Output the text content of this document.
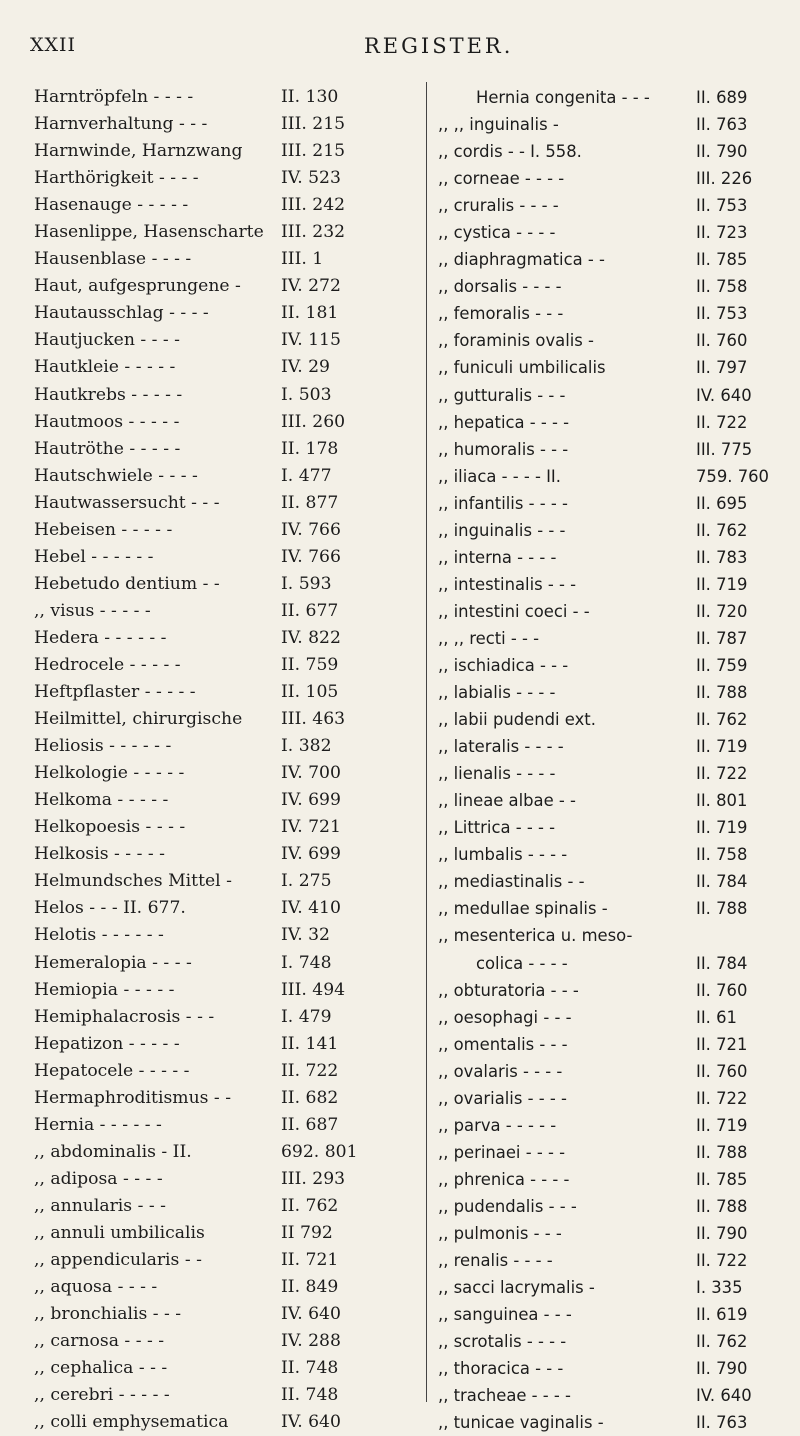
XXII	REGISTER.
Harntröpfeln - - - -	II. 130
Harnverhaltung - - -	III. 215
Harnwinde, Harnzwang III. 215
Harthörigkeit - - - -	IV. 523
Hasenauge - - - - -	III. 242
Hasenlippe, Hasenscharte III. 232
Hausenblase - - - -	III. 1
Haut, aufgesprungene - IV. 272
Hautausschlag - - - -	II. 181
Hautjucken - - - -	IV. 115
Hautkleie - - - - -	IV. 29
Hautkrebs - - - - -	I. 503
Hautmoos - - - - -	III. 260
Hautröthe - - - - -	II. 178
Hautschwiele - - - -	I. 477
Hautwassersucht - - -	II. 877
Hebeisen - - - - -	IV. 766
Hebel - - - - - -	IV. 766
Hebetudo dentium - -	I. 593
,, visus - - - - -	II. 677
Hedera - - - - - -	IV. 822
Hedrocele - - - - -	II. 759
Heftpflaster - - - - -	II. 105
Heilmittel, chirurgische III. 463
Heliosis - - - - - -	I. 382
Helkologie - - - - -	IV. 700
Helkoma - - - - -	IV. 699
Helkopoesis - - - -	IV. 721
Helkosis - - - - -	IV. 699
Helmundsches Mittel -	I. 275
Helos - - - II. 677.	IV. 410
Helotis - - - - - -	IV. 32
Hemeralopia - - - -	I. 748
Hemiopia - - - - -	III. 494
Hemiphalacrosis - - -	I. 479
Hepatizon - - - - -	II. 141
Hepatocele - - - - -	II. 722
Hermaphroditismus - -	II. 682
Hernia - - - - - -	II. 687
,, abdominalis - II.	692. 801
,, adiposa - - - -	III. 293
,, annularis - - -	II. 762
,, annuli umbilicalis	II 792
,, appendicularis - -	II. 721
,, aquosa - - - -	II. 849
,, bronchialis - - -	IV. 640
,, carnosa - - - -	IV. 288
,, cephalica - - -	II. 748
,, cerebri - - - - -	II. 748
,, colli emphysematica	IV. 640
Hernia congenita - - -	II. 689
,, ,, inguinalis -	II. 763
,, cordis - - I. 558.	II. 790
,, corneae - - - -	III. 226
,, cruralis - - - -	II. 753
,, cystica - - - -	II. 723
,, diaphragmatica - -	II. 785
,, dorsalis - - - -	II. 758
,, femoralis - - -	II. 753
,, foraminis ovalis -	II. 760
,, funiculi umbilicalis	II. 797
,, gutturalis - - -	IV. 640
,, hepatica - - - -	II. 722
,, humoralis - - -	III. 775
,, iliaca - - - - II.	759. 760
,, infantilis - - - -	II. 695
,, inguinalis - - -	II. 762
,, interna - - - -	II. 783
,, intestinalis - - -	II. 719
,, intestini coeci - -	II. 720
,, ,, recti - - -	II. 787
,, ischiadica - - -	II. 759
,, labialis - - - -	II. 788
,, labii pudendi ext.	II. 762
,, lateralis - - - -	II. 719
,, lienalis - - - -	II. 722
,, lineae albae - -	II. 801
,, Littrica - - - -	II. 719
,, lumbalis - - - -	II. 758
,, mediastinalis - -	II. 784
,, medullae spinalis -	II. 788
,, mesenterica u. meso-
colica - - - -	II. 784
,, obturatoria - - -	II. 760
,, oesophagi - - -	II. 61
,, omentalis - - -	II. 721
,, ovalaris - - - -	II. 760
,, ovarialis - - - -	II. 722
,, parva - - - - -	II. 719
,, perinaei - - - -	II. 788
,, phrenica - - - -	II. 785
,, pudendalis - - -	II. 788
,, pulmonis - - -	II. 790
,, renalis - - - -	II. 722
,, sacci lacrymalis -	I. 335
,, sanguinea - - -	II. 619
,, scrotalis - - - -	II. 762
,, thoracica - - -	II. 790
,, tracheae - - - -	IV. 640
,, tunicae vaginalis -	II. 763
